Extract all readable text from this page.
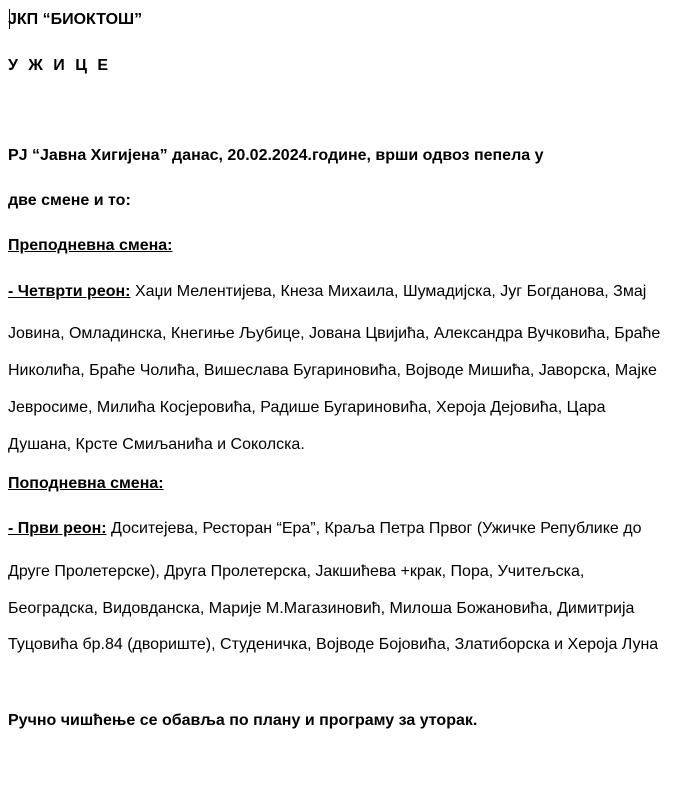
ЈКП “БИОКТОШ”
У Ж И Ц Е
РЈ “Јавна Хигијена” данас, 20.02.2024.године, врши одвоз пепела у
две смене и то:
Преподневна смена:
- Четврти реон: Хаџи Мелентијева, Кнеза Михаила, Шумадијска, Југ Богданова, Змај
Јовина, Омладинска, Кнегиње Љубице, Јована Цвијића, Александра Вучковића, Браће
Николића, Браће Чолића, Вишеслава Бугариновића, Војводе Мишића, Јаворска, Мајке
Јевросиме, Милића Косјеровића, Радише Бугариновића, Хероја Дејовића, Цара
Душана, Крсте Смиљанића и Соколска.
Поподневна смена:
- Први реон: Доситејева, Ресторан “Ера”, Краља Петра Првог (Ужичке Републике до
Друге Пролетерске), Друга Пролетерска, Јакшићева +крак, Пора, Учитељска,
Београдска, Видовданска, Марије М.Магазиновић, Милоша Божановића, Димитрија
Туцовића бр.84 (двориште), Студеничка, Војводе Бојовића, Златиборска и Хероја Луна
Ручно чишћење се обавља по плану и програму за уторак.
